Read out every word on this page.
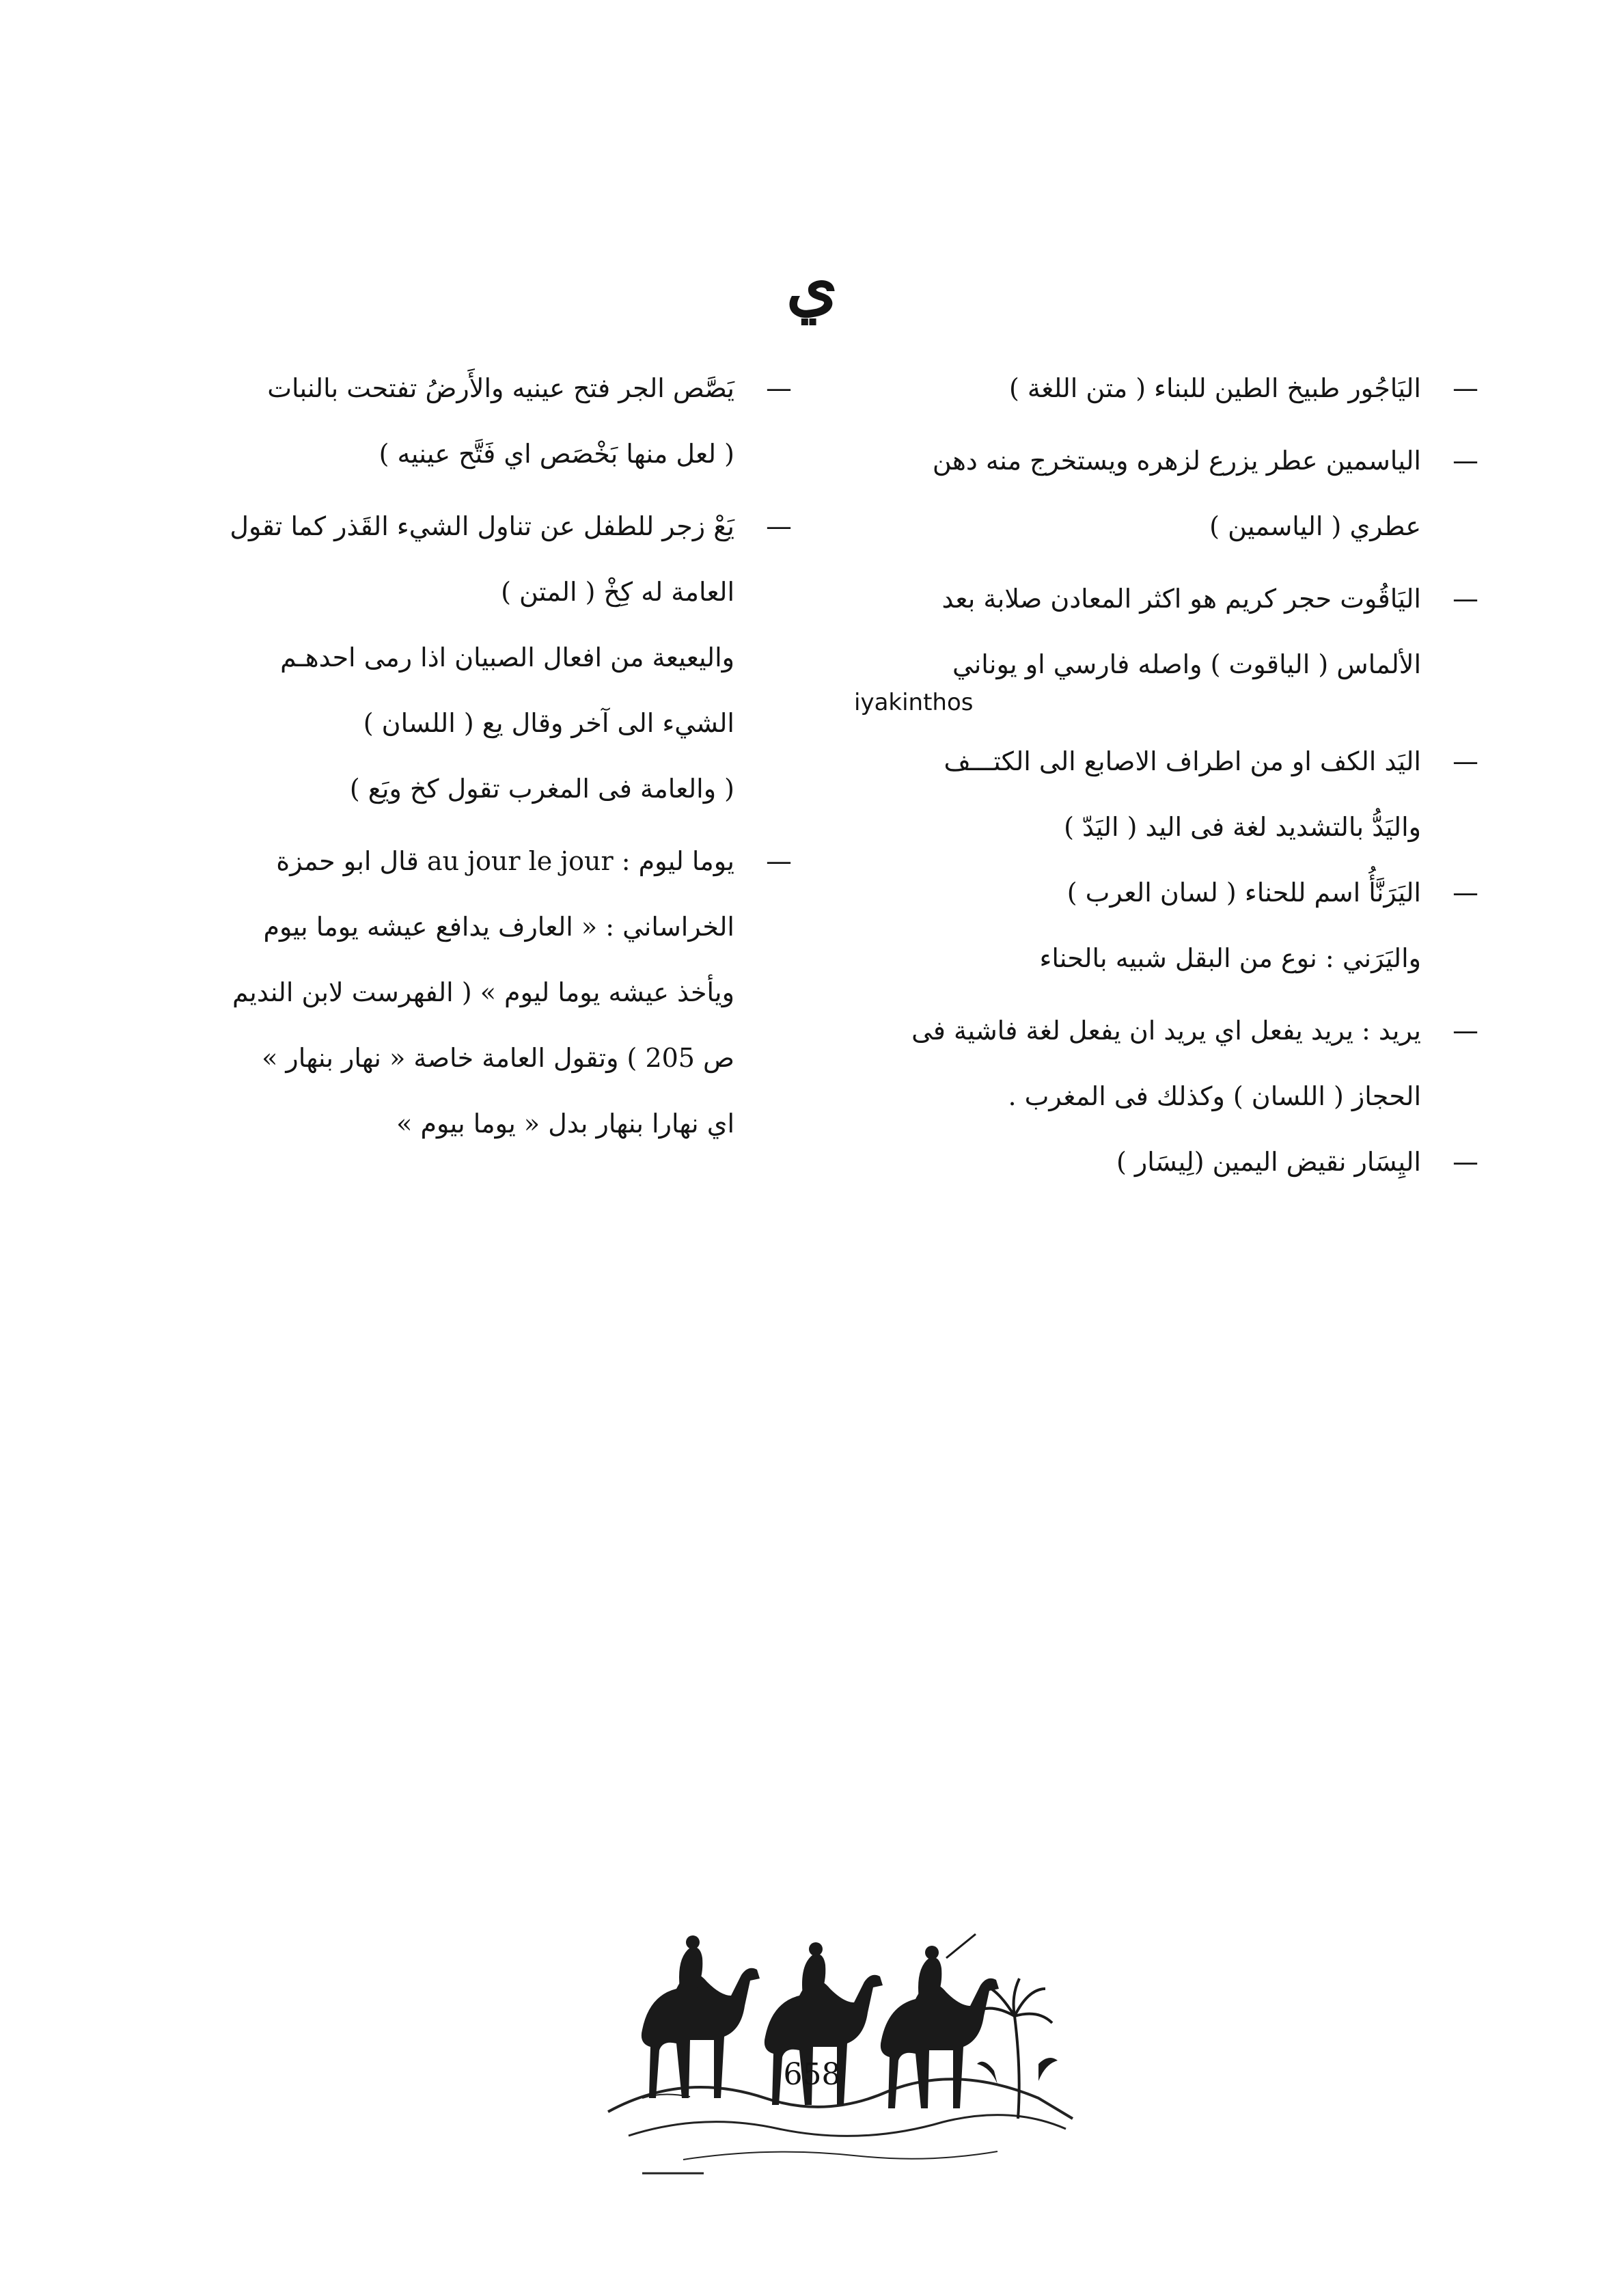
ي
—
اليَاجُور طبيخ الطين للبناء ( متن اللغة )
—
الياسمين عطر يزرع لزهره ويستخرج منه دهن
عطري ( الياسمين )
—
اليَاقُوت حجر كريم هو اكثر المعادن صلابة بعد
الألماس ( الياقوت ) واصله فارسي او يوناني
iyakinthos
—
اليَد الكف او من اطراف الاصابع الى الكتـــف
واليَدُّ بالتشديد لغة فى اليد ( اليَدّ )
—
اليَرَنَّأُ اسم للحناء ( لسان العرب )
واليَرَني : نوع من البقل شبيه بالحناء
—
يريد : يريد يفعل اي يريد ان يفعل لغة فاشية فى
الحجاز ( اللسان ) وكذلك فى المغرب .
—
اليِسَار نقيض اليمين (لِيسَار )
—
يَصَّص الجر فتح عينيه والأَرضُ تفتحت بالنبات
( لعل منها بَخْصَص اي فَتَّح عينيه )
—
يَعْ زجر للطفل عن تناول الشيء القَذر كما تقول
العامة له كِخْ ( المتن )
واليعيعة من افعال الصبيان اذا رمى احدهـم
الشيء الى آخر وقال يع ( اللسان )
( والعامة فى المغرب تقول كخ ويَع )
—
يوما ليوم : au jour le jour قال ابو حمزة
الخراساني : « العارف يدافع عيشه يوما بيوم
ويأخذ عيشه يوما ليوم » ( الفهرست لابن النديم
ص 205 ) وتقول العامة خاصة « نهار بنهار »
اي نهارا بنهار بدل « يوما بيوم »
658
